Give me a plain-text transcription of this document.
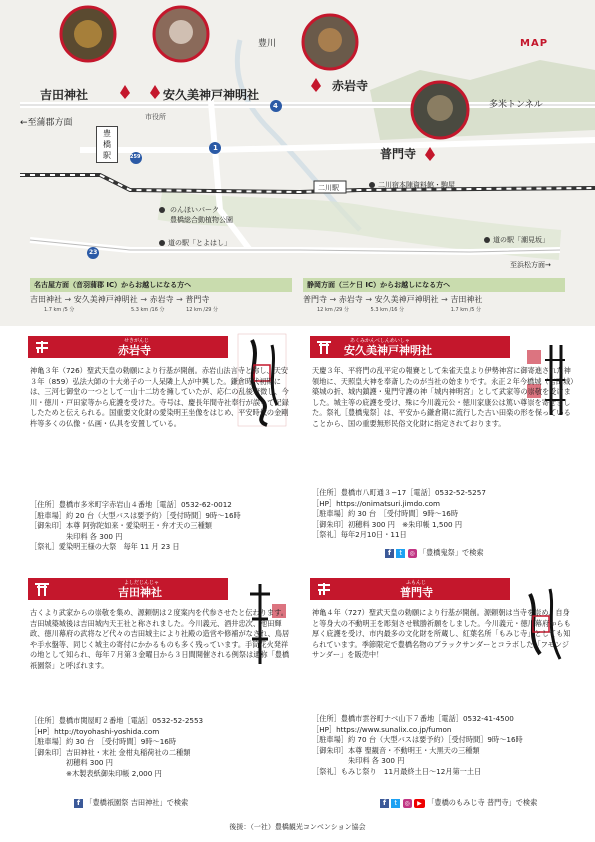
MAP
吉田神社	安久美神戸神明社
赤岩寺
普門寺
豊川
多米トンネル
←至蒲郡方面
豊橋駅
二川駅	二川宿本陣資料館・駒屋
のんほいパーク
豊橋総合動植物公園
道の駅「とよはし」	道の駅「潮見坂」
至浜松方面→
市役所
4
1
259
23
名古屋方面（音羽蒲郡 IC）からお越しになる方へ
吉田神社 → 安久美神戸神明社 → 赤岩寺 → 普門寺
1.7 km /5 分	5.3 km /16 分	12 km /29 分
静岡方面（三ケ日 IC）からお越しになる方へ
普門寺 → 赤岩寺 → 安久美神戸神明社 → 吉田神社
12 km /29 分	5.3 km /16 分	1.7 km /5 分
せきがんじ
赤岩寺
神亀３年（726）聖武天皇の勅願により行基が開創。赤岩山法言寺と称し、天安３年（859）弘法大師の十大弟子の一人呆隣上人が中興した。鎌倉時代初期には、三河七御堂の一つとして一山十二坊を擁していたが、応仁の乱後衰微し、今川・徳川・戸田家等から庇護を受けた。寺号は、慶長年間寺社奉行が誤って記録したためと伝えられる。国重要文化財の愛染明王坐像をはじめ、平安時代の金剛杵等多くの仏像・仏画・仏具を安置している。
［住所］豊橋市多米町字赤岩山４番地［電話］0532-62-0012
［駐車場］約 20 台（大型バスは要予約）［受付時間］9時〜16時
［御朱印］本尊 阿弥陀如来・愛染明王・弁才天の三種類
　　　　　朱印料 各 300 円
［祭礼］愛染明王様の大祭　毎年 11 月 23 日
あくみかんべしんめいしゃ
安久美神戸神明社
天慶３年、平将門の乱平定の報賽として朱雀天皇より伊勢神宮に御寄進された神領地に、天照皇大神を奉斎したのが当社の始まりです。永正２年今橋城（吉田城）築城の折、城内鎮護・鬼門守護の神「城内神明宮」として武家等の崇敬を受けました。城主等の庇護を受け、殊に今川義元公・徳川家康公は篤い尊崇を寄せました。祭礼［豊橋鬼祭］は、平安から鎌倉期に流行した古い田楽の形を保っていることから、国の重要無形民俗文化財に指定されております。
［住所］豊橋市八町通３−17［電話］0532-52-5257
［HP］https://onimatsuri.jimdo.com
［駐車場］約 30 台　［受付時間］9時〜16時
［御朱印］初穂料 300 円　※朱印帳 1,500 円
［祭礼］毎年2月10日・11日
f t ◎ 「豊橋鬼祭」で検索
よしだじんじゃ
吉田神社
古くより武家からの崇敬を集め、源頼朝は２度案内を代参させたと伝わります。吉田城築城後は吉田城内天王社と称されました。今川義元、酒井忠次、池田輝政、徳川幕府の武将など代々の吉田城主により社殿の造営や修補がなされ、鳥居や手水盤等、同じく城主の寄付にかかるものも多く残っています。手筒花火発祥の地として知られ、毎年７月第３金曜日から３日間開催される例祭は通称「豊橋祇園祭」と呼ばれます。
［住所］豊橋市関屋町２番地［電話］0532-52-2553
［HP］http://toyohashi-yoshida.com
［駐車場］約 30 台　［受付時間］9時〜16時
［御朱印］吉田神社・末社 金柑丸稲荷社の二種類
　　　　　初穂料 300 円
　　　　　※木製表紙御朱印帳 2,000 円
f 「豊橋祇園祭 吉田神社」で検索
ふもんじ
普門寺
神亀４年（727）聖武天皇の勅願により行基が開創。源頼朝は当寺を崇め、自身と等身大の不動明王を彫刻させ戦勝祈願をしました。今川義元・徳川幕府からも厚く庇護を受け、市内最多の文化財を所蔵し、紅葉名所「もみじ寺」としても知られています。季節限定で豊橋名物のブラックサンダーとコラボした「フモンジサンダー」を販売中！
［住所］豊橋市雲谷町ナベ山下７番地［電話］0532-41-4500
［HP］https://www.sunalix.co.jp/fumon
［駐車場］約 70 台（大型バスは要予約）［受付時間］9時〜16時
［御朱印］本尊 聖観音・不動明王・大黒天の三種類
　　　　　朱印料 各 300 円
［祭礼］もみじ祭り　11月最終土日〜12月第一土日
f t ◎ ▶ 「豊橋のもみじ寺 普門寺」で検索
後援：（一社）豊橋観光コンベンション協会
